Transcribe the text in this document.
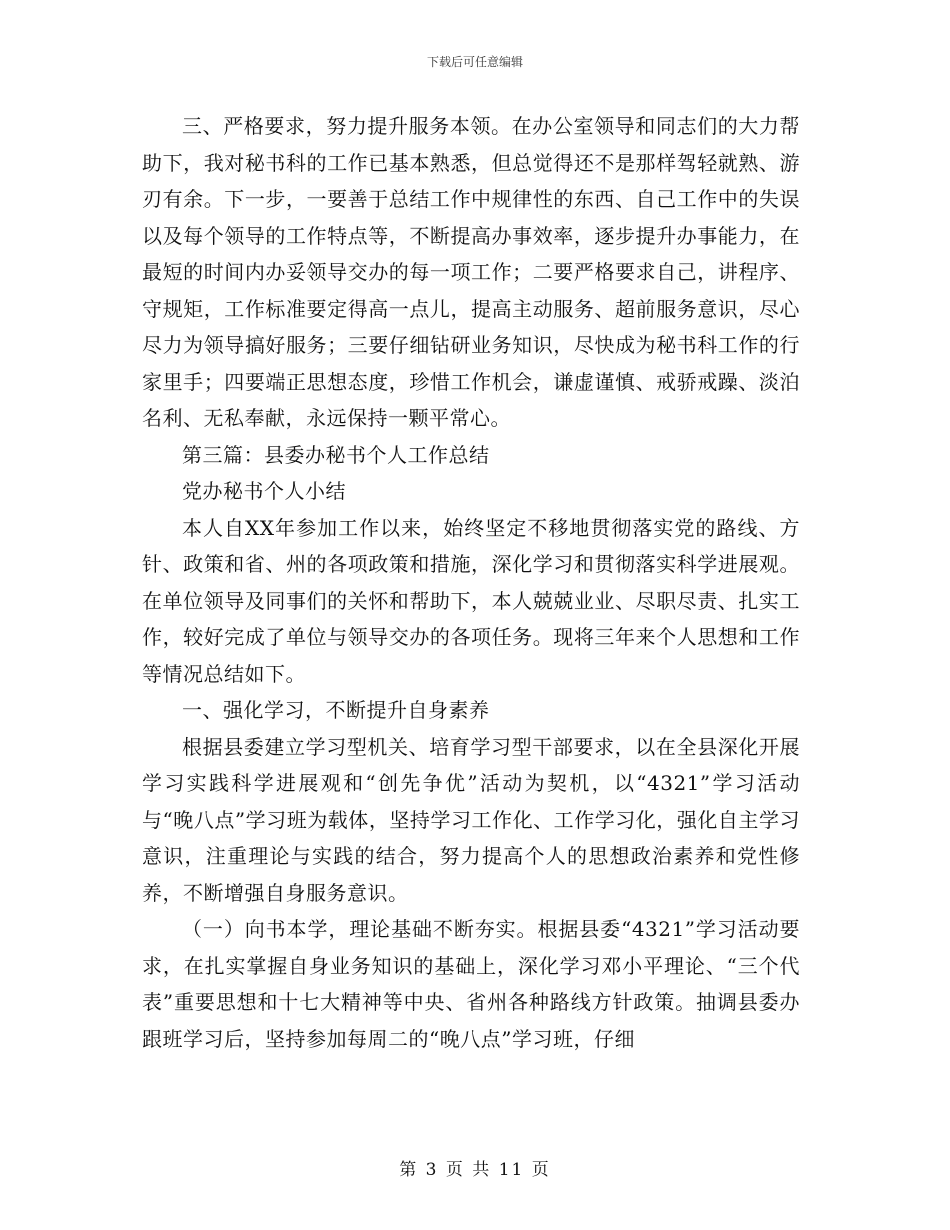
下载后可任意编辑

三、严格要求，努力提升服务本领。在办公室领导和同志们的大力帮助下，我对秘书科的工作已基本熟悉，但总觉得还不是那样驾轻就熟、游刃有余。下一步，一要善于总结工作中规律性的东西、自己工作中的失误以及每个领导的工作特点等，不断提高办事效率，逐步提升办事能力，在最短的时间内办妥领导交办的每一项工作；二要严格要求自己，讲程序、守规矩，工作标准要定得高一点儿，提高主动服务、超前服务意识，尽心尽力为领导搞好服务；三要仔细钻研业务知识，尽快成为秘书科工作的行家里手；四要端正思想态度，珍惜工作机会，谦虚谨慎、戒骄戒躁、淡泊名利、无私奉献，永远保持一颗平常心。

第三篇：县委办秘书个人工作总结

党办秘书个人小结

本人自XX年参加工作以来，始终坚定不移地贯彻落实党的路线、方针、政策和省、州的各项政策和措施，深化学习和贯彻落实科学进展观。在单位领导及同事们的关怀和帮助下，本人兢兢业业、尽职尽责、扎实工作，较好完成了单位与领导交办的各项任务。现将三年来个人思想和工作等情况总结如下。

一、强化学习，不断提升自身素养

根据县委建立学习型机关、培育学习型干部要求，以在全县深化开展学习实践科学进展观和“创先争优”活动为契机，以“4321”学习活动与“晚八点”学习班为载体，坚持学习工作化、工作学习化，强化自主学习意识，注重理论与实践的结合，努力提高个人的思想政治素养和党性修养，不断增强自身服务意识。

（一）向书本学，理论基础不断夯实。根据县委“4321”学习活动要求，在扎实掌握自身业务知识的基础上，深化学习邓小平理论、“三个代表”重要思想和十七大精神等中央、省州各种路线方针政策。抽调县委办跟班学习后，坚持参加每周二的“晚八点”学习班，仔细

第 3 页 共 11 页
